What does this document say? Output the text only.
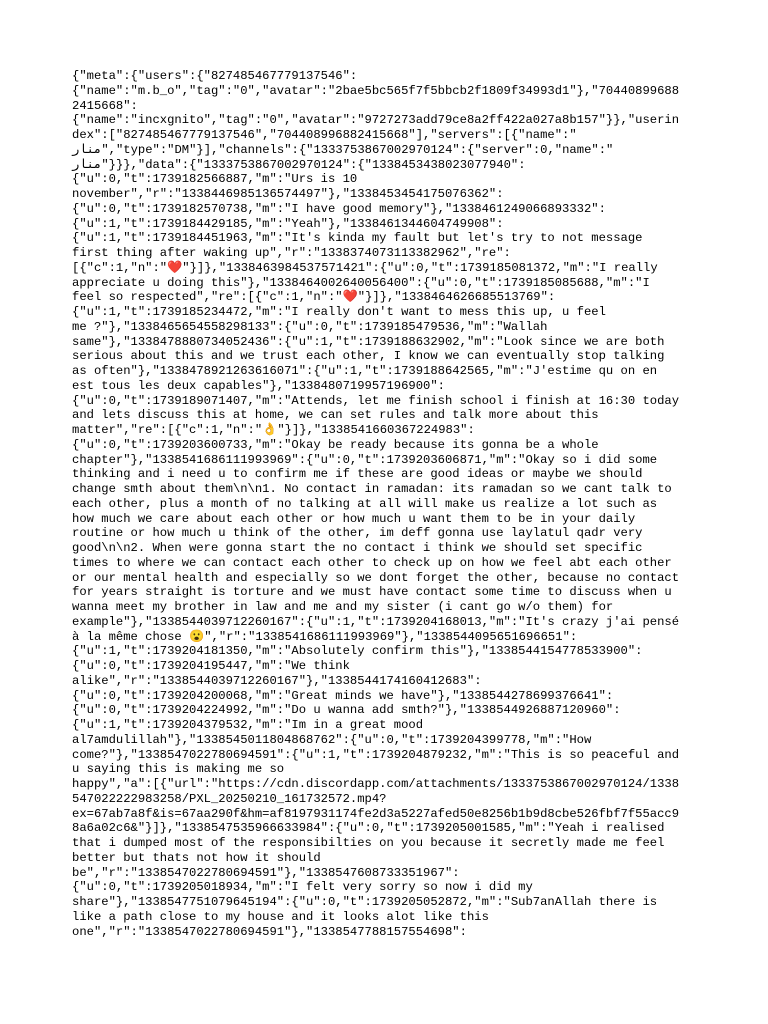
{"meta":{"users":{"827485467779137546":
{"name":"m.b_o","tag":"0","avatar":"2bae5bc565f7f5bbcb2f1809f34993d1"},"70440899688
2415668":
{"name":"incxgnito","tag":"0","avatar":"9727273add79ce8a2ff422a027a8b157"}},"userin
dex":["827485467779137546","704408996882415668"],"servers":[{"name":"
منار","type":"DM"}],"channels":{"1333753867002970124":{"server":0,"name":"
منار"}}},"data":{"1333753867002970124":{"1338453438023077940":
{"u":0,"t":1739182566887,"m":"Urs is 10
november","r":"1338446985136574497"},"1338453454175076362":
{"u":0,"t":1739182570738,"m":"I have good memory"},"1338461249066893332":
{"u":1,"t":1739184429185,"m":"Yeah"},"1338461344604749908":
{"u":1,"t":1739184451963,"m":"It's kinda my fault but let's try to not message
first thing after waking up","r":"1338374073113382962","re":
[{"c":1,"n":"❤️"}]},"1338463984537571421":{"u":0,"t":1739185081372,"m":"I really
appreciate u doing this"},"1338464002640056400":{"u":0,"t":1739185085688,"m":"I
feel so respected","re":[{"c":1,"n":"❤️"}]},"1338464626685513769":
{"u":1,"t":1739185234472,"m":"I really don't want to mess this up, u feel
me ?"},"1338465654558298133":{"u":0,"t":1739185479536,"m":"Wallah
same"},"1338478880734052436":{"u":1,"t":1739188632902,"m":"Look since we are both
serious about this and we trust each other, I know we can eventually stop talking
as often"},"1338478921263616071":{"u":1,"t":1739188642565,"m":"J'estime qu on en
est tous les deux capables"},"1338480719957196900":
{"u":0,"t":1739189071407,"m":"Attends, let me finish school i finish at 16:30 today
and lets discuss this at home, we can set rules and talk more about this
matter","re":[{"c":1,"n":"👌"}]},"1338541660367224983":
{"u":0,"t":1739203600733,"m":"Okay be ready because its gonna be a whole
chapter"},"1338541686111993969":{"u":0,"t":1739203606871,"m":"Okay so i did some
thinking and i need u to confirm me if these are good ideas or maybe we should
change smth about them\n\n1. No contact in ramadan: its ramadan so we cant talk to
each other, plus a month of no talking at all will make us realize a lot such as
how much we care about each other or how much u want them to be in your daily
routine or how much u think of the other, im deff gonna use laylatul qadr very
good\n\n2. When were gonna start the no contact i think we should set specific
times to where we can contact each other to check up on how we feel abt each other
or our mental health and especially so we dont forget the other, because no contact
for years straight is torture and we must have contact some time to discuss when u
wanna meet my brother in law and me and my sister (i cant go w/o them) for
example"},"1338544039712260167":{"u":1,"t":1739204168013,"m":"It's crazy j'ai pensé
à la même chose 😮","r":"1338541686111993969"},"1338544095651696651":
{"u":1,"t":1739204181350,"m":"Absolutely confirm this"},"1338544154778533900":
{"u":0,"t":1739204195447,"m":"We think
alike","r":"1338544039712260167"},"1338544174160412683":
{"u":0,"t":1739204200068,"m":"Great minds we have"},"1338544278699376641":
{"u":0,"t":1739204224992,"m":"Do u wanna add smth?"},"1338544926887120960":
{"u":1,"t":1739204379532,"m":"Im in a great mood
al7amdulillah"},"1338545011804868762":{"u":0,"t":1739204399778,"m":"How
come?"},"1338547022780694591":{"u":1,"t":1739204879232,"m":"This is so peaceful and
u saying this is making me so
happy","a":[{"url":"https://cdn.discordapp.com/attachments/1333753867002970124/1338
547022222983258/PXL_20250210_161732572.mp4?
ex=67ab7a8f&is=67aa290f&hm=af8197931174fe2d3a5227afed50e8256b1b9d8cbe526fbf7f55acc9
8a6a02c6&"}]},"1338547535966633984":{"u":0,"t":1739205001585,"m":"Yeah i realised
that i dumped most of the responsibilties on you because it secretly made me feel
better but thats not how it should
be","r":"1338547022780694591"},"1338547608733351967":
{"u":0,"t":1739205018934,"m":"I felt very sorry so now i did my
share"},"1338547751079645194":{"u":0,"t":1739205052872,"m":"Sub7anAllah there is
like a path close to my house and it looks alot like this
one","r":"1338547022780694591"},"1338547788157554698":
